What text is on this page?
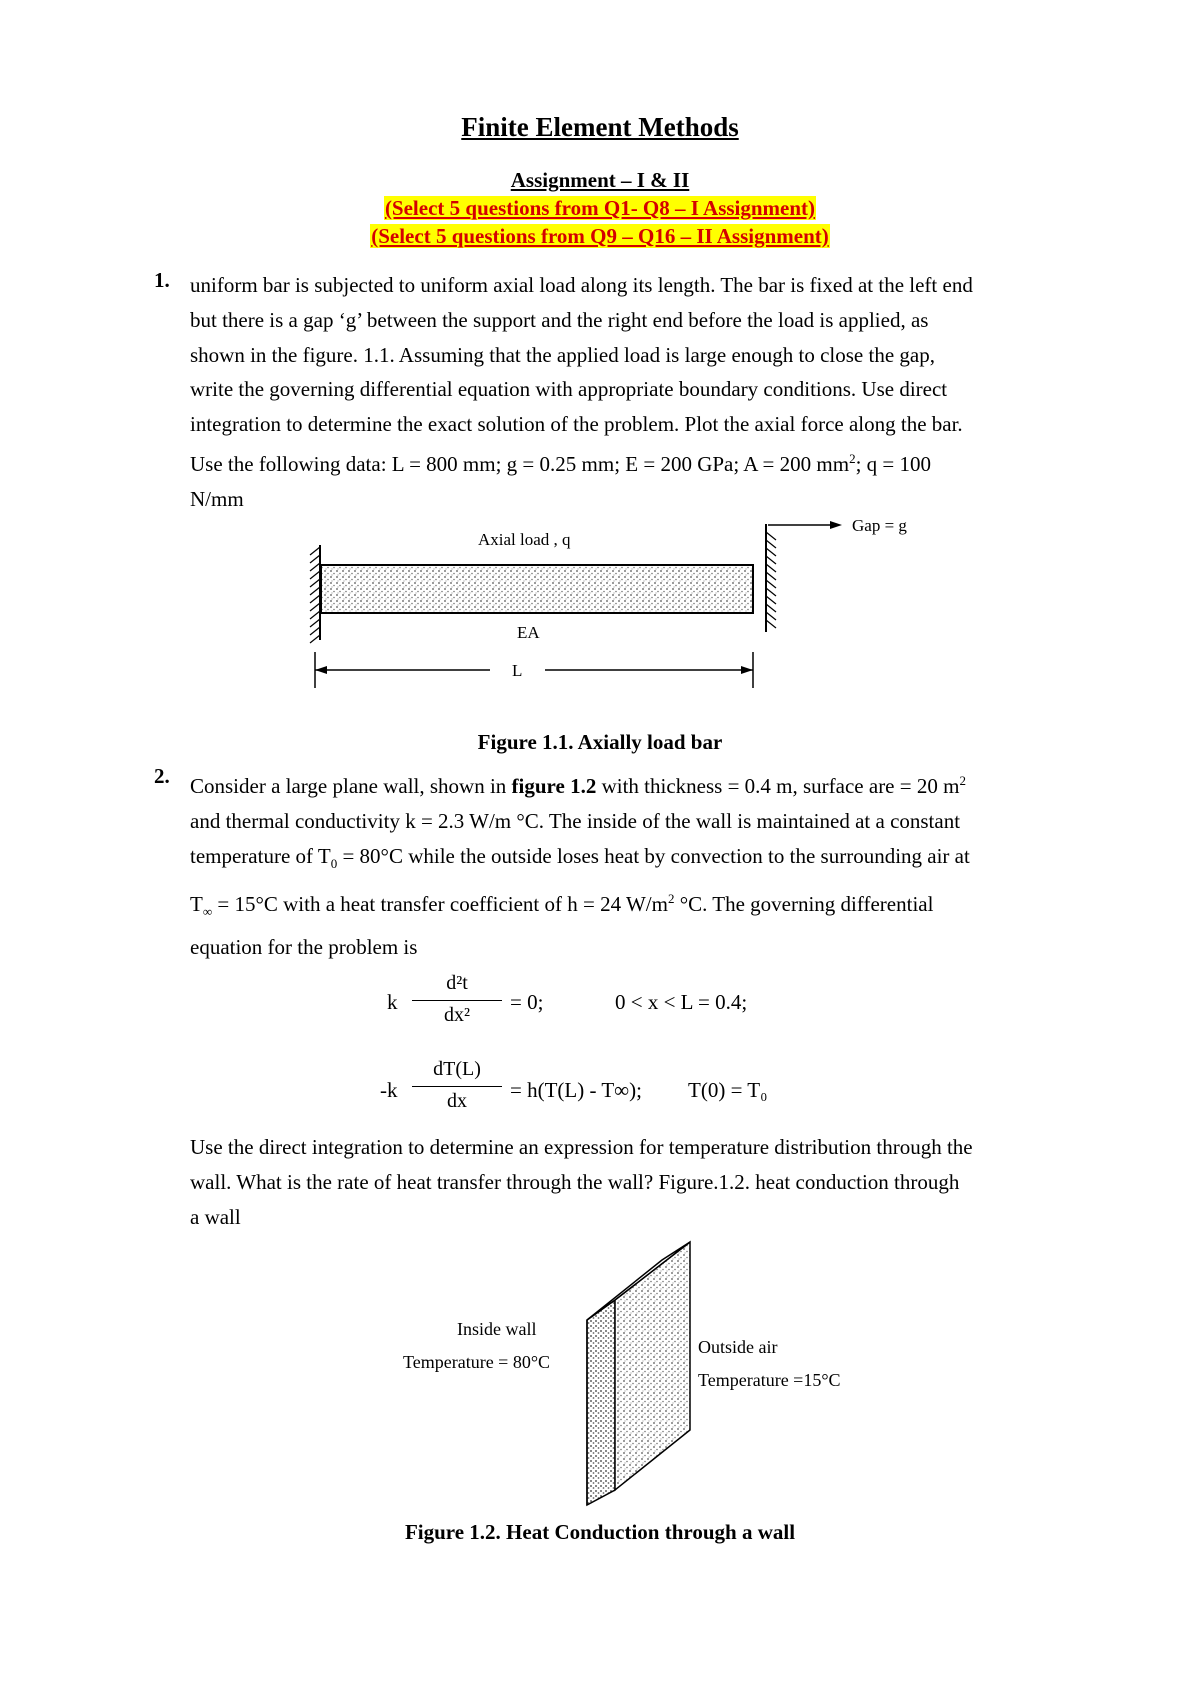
Finite Element Methods
Assignment – I & II
(Select 5 questions from Q1- Q8 – I Assignment)
(Select 5 questions from Q9 – Q16 – II Assignment)
1. uniform bar is subjected to uniform axial load along its length. The bar is fixed at the left end
but there is a gap ‘g’ between the support and the right end before the load is applied, as
shown in the figure. 1.1. Assuming that the applied load is large enough to close the gap,
write the governing differential equation with appropriate boundary conditions. Use direct
integration to determine the exact solution of the problem. Plot the axial force along the bar.
Use the following data: L = 800 mm; g = 0.25 mm; E = 200 GPa; A = 200 $mm^2$; q = 100
N/mm
Gap = g
Axial load , q
EA
L
Figure 1.1. Axially load bar
2. Consider a large plane wall, shown in figure 1.2 with thickness = 0.4 m, surface are = 20 $m^2$
and thermal conductivity k = 2.3 W/m °C. The inside of the wall is maintained at a constant
temperature of $T_0 = 80^\circ C$ while the outside loses heat by convection to the surrounding air at
$T_\infty = 15^\circ C$ with a heat transfer coefficient of h = 24 $W/m^2$ °C. The governing differential
equation for the problem is
k
d²t
dx²
= 0;	0 < x < L = 0.4;
-k
dT(L)
dx	= h(T(L) - T∞); T(0) = T₀
Use the direct integration to determine an expression for temperature distribution through the
wall. What is the rate of heat transfer through the wall? Figure.1.2. heat conduction through
a wall
Inside wall
Temperature = 80°C
Outside air
Temperature =15°C
Figure 1.2. Heat Conduction through a wall
